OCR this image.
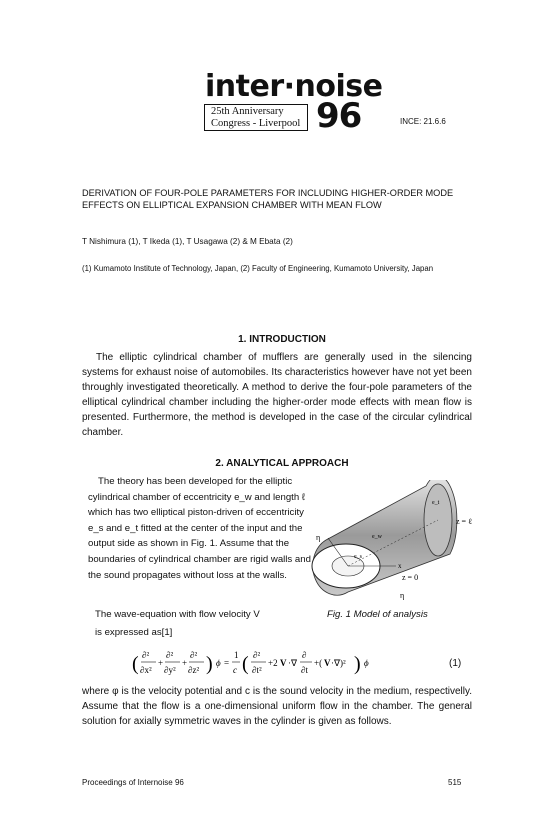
inter·noise
25th Anniversary
Congress - Liverpool 96	INCE: 21.6.6
DERIVATION OF FOUR-POLE PARAMETERS FOR INCLUDING HIGHER-ORDER MODE EFFECTS ON ELLIPTICAL EXPANSION CHAMBER WITH MEAN FLOW
T Nishimura (1), T Ikeda (1), T Usagawa (2) & M Ebata (2)
(1) Kumamoto Institute of Technology, Japan, (2) Faculty of Engineering, Kumamoto University, Japan
1. INTRODUCTION
The elliptic cylindrical chamber of mufflers are generally used in the silencing systems for exhaust noise of automobiles. Its characteristics however have not yet been throughly investigated theoretically. A method to derive the four-pole parameters of the elliptical cylindrical chamber including the higher-order mode effects with mean flow is presented. Furthermore, the method is developed in the case of the circular cylindrical chamber.
2. ANALYTICAL APPROACH
The theory has been developed for the elliptic cylindrical chamber of eccentricity e_w and length ℓ which has two elliptical piston-driven of eccentricity e_s and e_t fitted at the center of the input and the output side as shown in Fig. 1. Assume that the boundaries of cylindrical chamber are rigid walls and the sound propagates without loss at the walls.
The wave-equation with flow velocity V
is expressed as[1]
z = ℓ
z = 0
η
η
x
e_w
e_s
e_t
Fig. 1 Model of analysis
( ∂²
∂x²
+
∂²
∂y²
+
∂²
∂z² ) ϕ =
1
c ( ∂²
∂t²
+2 V ·∇
∂
∂t
+( V ·∇)² ) ϕ	(1)
where φ is the velocity potential and c is the sound velocity in the medium, respectivelly. Assume that the flow is a one-dimensional uniform flow in the chamber. The general solution for axially symmetric waves in the cylinder is given as follows.
Proceedings of Internoise 96	515
